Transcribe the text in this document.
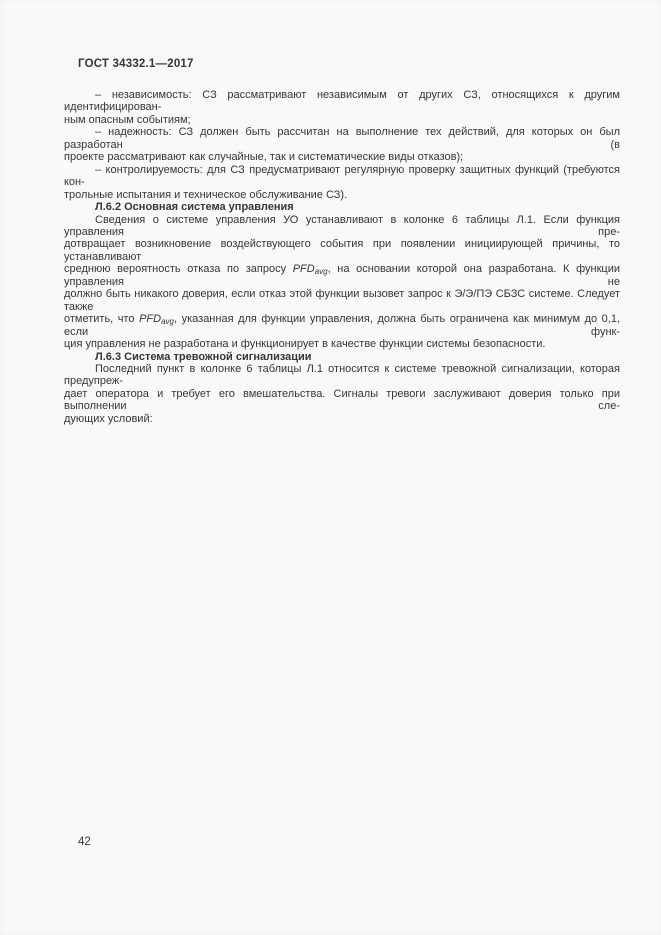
ГОСТ 34332.1—2017

– независимость: СЗ рассматривают независимым от других СЗ, относящихся к другим идентифицирован-
ным опасным событиям;

– надежность: СЗ должен быть рассчитан на выполнение тех действий, для которых он был разработан (в
проекте рассматривают как случайные, так и систематические виды отказов);

– контролируемость: для СЗ предусматривают регулярную проверку защитных функций (требуются кон-
трольные испытания и техническое обслуживание СЗ).

Л.6.2 Основная система управления

Сведения о системе управления УО устанавливают в колонке 6 таблицы Л.1. Если функция управления пре-
дотвращает возникновение воздействующего события при появлении инициирующей причины, то устанавливают
среднюю вероятность отказа по запросу $PFD_{avg}$, на основании которой она разработана. К функции управления не
должно быть никакого доверия, если отказ этой функции вызовет запрос к Э/Э/ПЭ СБЗС системе. Следует также
отметить, что $PFD_{avg}$, указанная для функции управления, должна быть ограничена как минимум до 0,1, если функ-
ция управления не разработана и функционирует в качестве функции системы безопасности.

Л.6.3 Система тревожной сигнализации

Последний пункт в колонке 6 таблицы Л.1 относится к системе тревожной сигнализации, которая предупреж-
дает оператора и требует его вмешательства. Сигналы тревоги заслуживают доверия только при выполнении сле-
дующих условий:

42
